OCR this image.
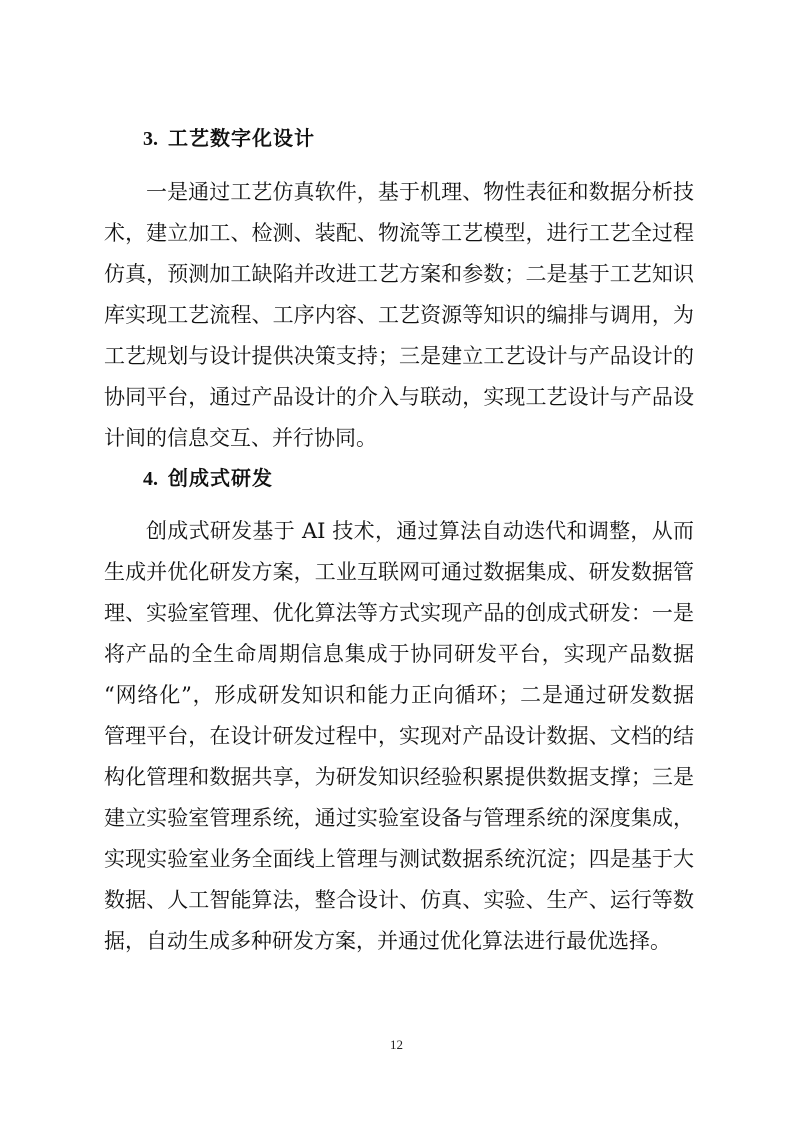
3. 工艺数字化设计
一是通过工艺仿真软件，基于机理、物性表征和数据分析技
术，建立加工、检测、装配、物流等工艺模型，进行工艺全过程
仿真，预测加工缺陷并改进工艺方案和参数；二是基于工艺知识
库实现工艺流程、工序内容、工艺资源等知识的编排与调用，为
工艺规划与设计提供决策支持；三是建立工艺设计与产品设计的
协同平台，通过产品设计的介入与联动，实现工艺设计与产品设
计间的信息交互、并行协同。
4. 创成式研发
创成式研发基于 AI 技术，通过算法自动迭代和调整，从而
生成并优化研发方案，工业互联网可通过数据集成、研发数据管
理、实验室管理、优化算法等方式实现产品的创成式研发：一是
将产品的全生命周期信息集成于协同研发平台，实现产品数据
“网络化”，形成研发知识和能力正向循环；二是通过研发数据
管理平台，在设计研发过程中，实现对产品设计数据、文档的结
构化管理和数据共享，为研发知识经验积累提供数据支撑；三是
建立实验室管理系统，通过实验室设备与管理系统的深度集成，
实现实验室业务全面线上管理与测试数据系统沉淀；四是基于大
数据、人工智能算法，整合设计、仿真、实验、生产、运行等数
据，自动生成多种研发方案，并通过优化算法进行最优选择。
12
